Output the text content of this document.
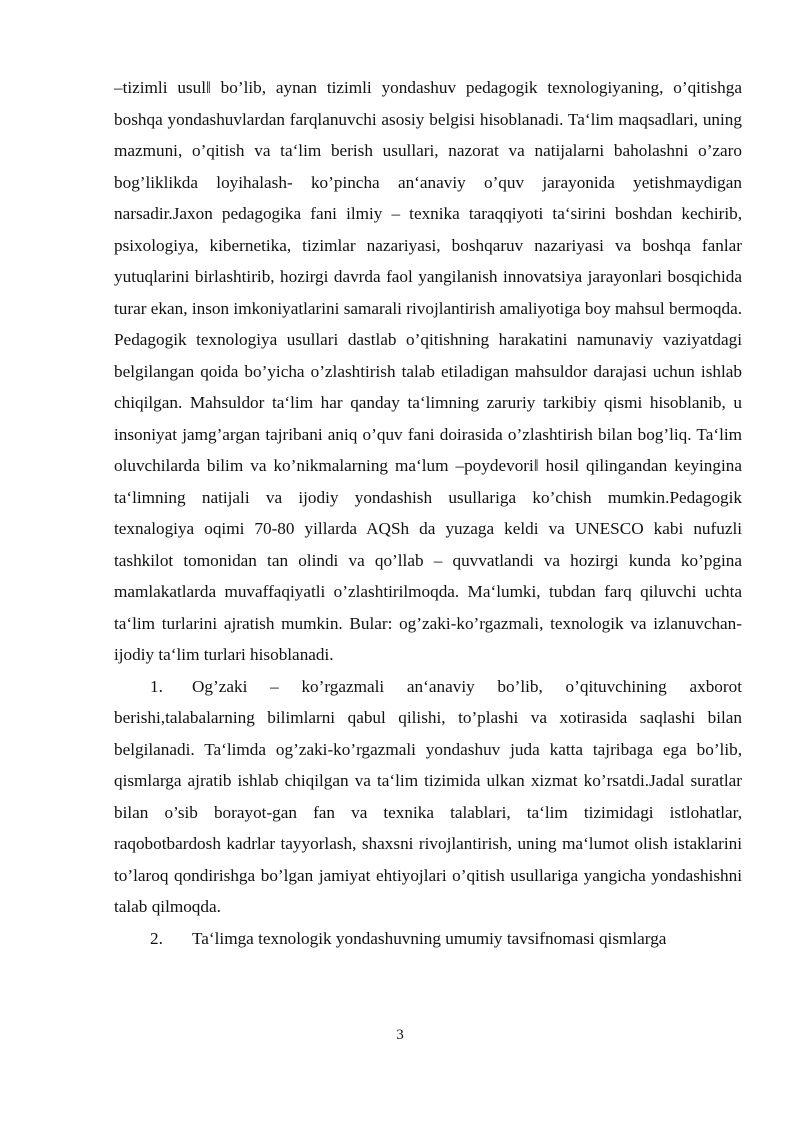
–tizimli usul‖ bo’lib, aynan tizimli yondashuv pedagogik texnologiyaning, o’qitishga boshqa yondashuvlardan farqlanuvchi asosiy belgisi hisoblanadi. Ta‘lim maqsadlari, uning mazmuni, o’qitish va ta‘lim berish usullari, nazorat va natijalarni baholashni o’zaro bog’liklikda loyihalash- ko’pincha an‘anaviy o’quv jarayonida yetishmaydigan narsadir.Jaxon pedagogika fani ilmiy – texnika taraqqiyoti ta‘sirini boshdan kechirib, psixologiya, kibernetika, tizimlar nazariyasi, boshqaruv nazariyasi va boshqa fanlar yutuqlarini birlashtirib, hozirgi davrda faol yangilanish innovatsiya jarayonlari bosqichida turar ekan, inson imkoniyatlarini samarali rivojlantirish amaliyotiga boy mahsul bermoqda. Pedagogik texnologiya usullari dastlab o’qitishning harakatini namunaviy vaziyatdagi belgilangan qoida bo’yicha o’zlashtirish talab etiladigan mahsuldor darajasi uchun ishlab chiqilgan. Mahsuldor ta‘lim har qanday ta‘limning zaruriy tarkibiy qismi hisoblanib, u insoniyat jamg’argan tajribani aniq o’quv fani doirasida o’zlashtirish bilan bog’liq. Ta‘lim oluvchilarda bilim va ko’nikmalarning ma‘lum –poydevori‖ hosil qilingandan keyingina ta‘limning natijali va ijodiy yondashish usullariga ko’chish mumkin.Pedagogik texnalogiya oqimi 70-80 yillarda AQSh da yuzaga keldi va UNESCO kabi nufuzli tashkilot tomonidan tan olindi va qo’llab – quvvatlandi va hozirgi kunda ko’pgina mamlakatlarda muvaffaqiyatli o’zlashtirilmoqda. Ma‘lumki, tubdan farq qiluvchi uchta ta‘lim turlarini ajratish mumkin. Bular: og’zaki-ko’rgazmali, texnologik va izlanuvchan-ijodiy ta‘lim turlari hisoblanadi.

1. Og’zaki – ko’rgazmali an‘anaviy bo’lib, o’qituvchining axborot berishi,talabalarning bilimlarni qabul qilishi, to’plashi va xotirasida saqlashi bilan belgilanadi. Ta‘limda og’zaki-ko’rgazmali yondashuv juda katta tajribaga ega bo’lib, qismlarga ajratib ishlab chiqilgan va ta‘lim tizimida ulkan xizmat ko’rsatdi.Jadal suratlar bilan o’sib borayot-gan fan va texnika talablari, ta‘lim tizimidagi istlohatlar, raqobotbardosh kadrlar tayyorlash, shaxsni rivojlantirish, uning ma‘lumot olish istaklarini to’laroq qondirishga bo’lgan jamiyat ehtiyojlari o’qitish usullariga yangicha yondashishni talab qilmoqda.

2. Ta‘limga texnologik yondashuvning umumiy tavsifnomasi qismlarga

3
